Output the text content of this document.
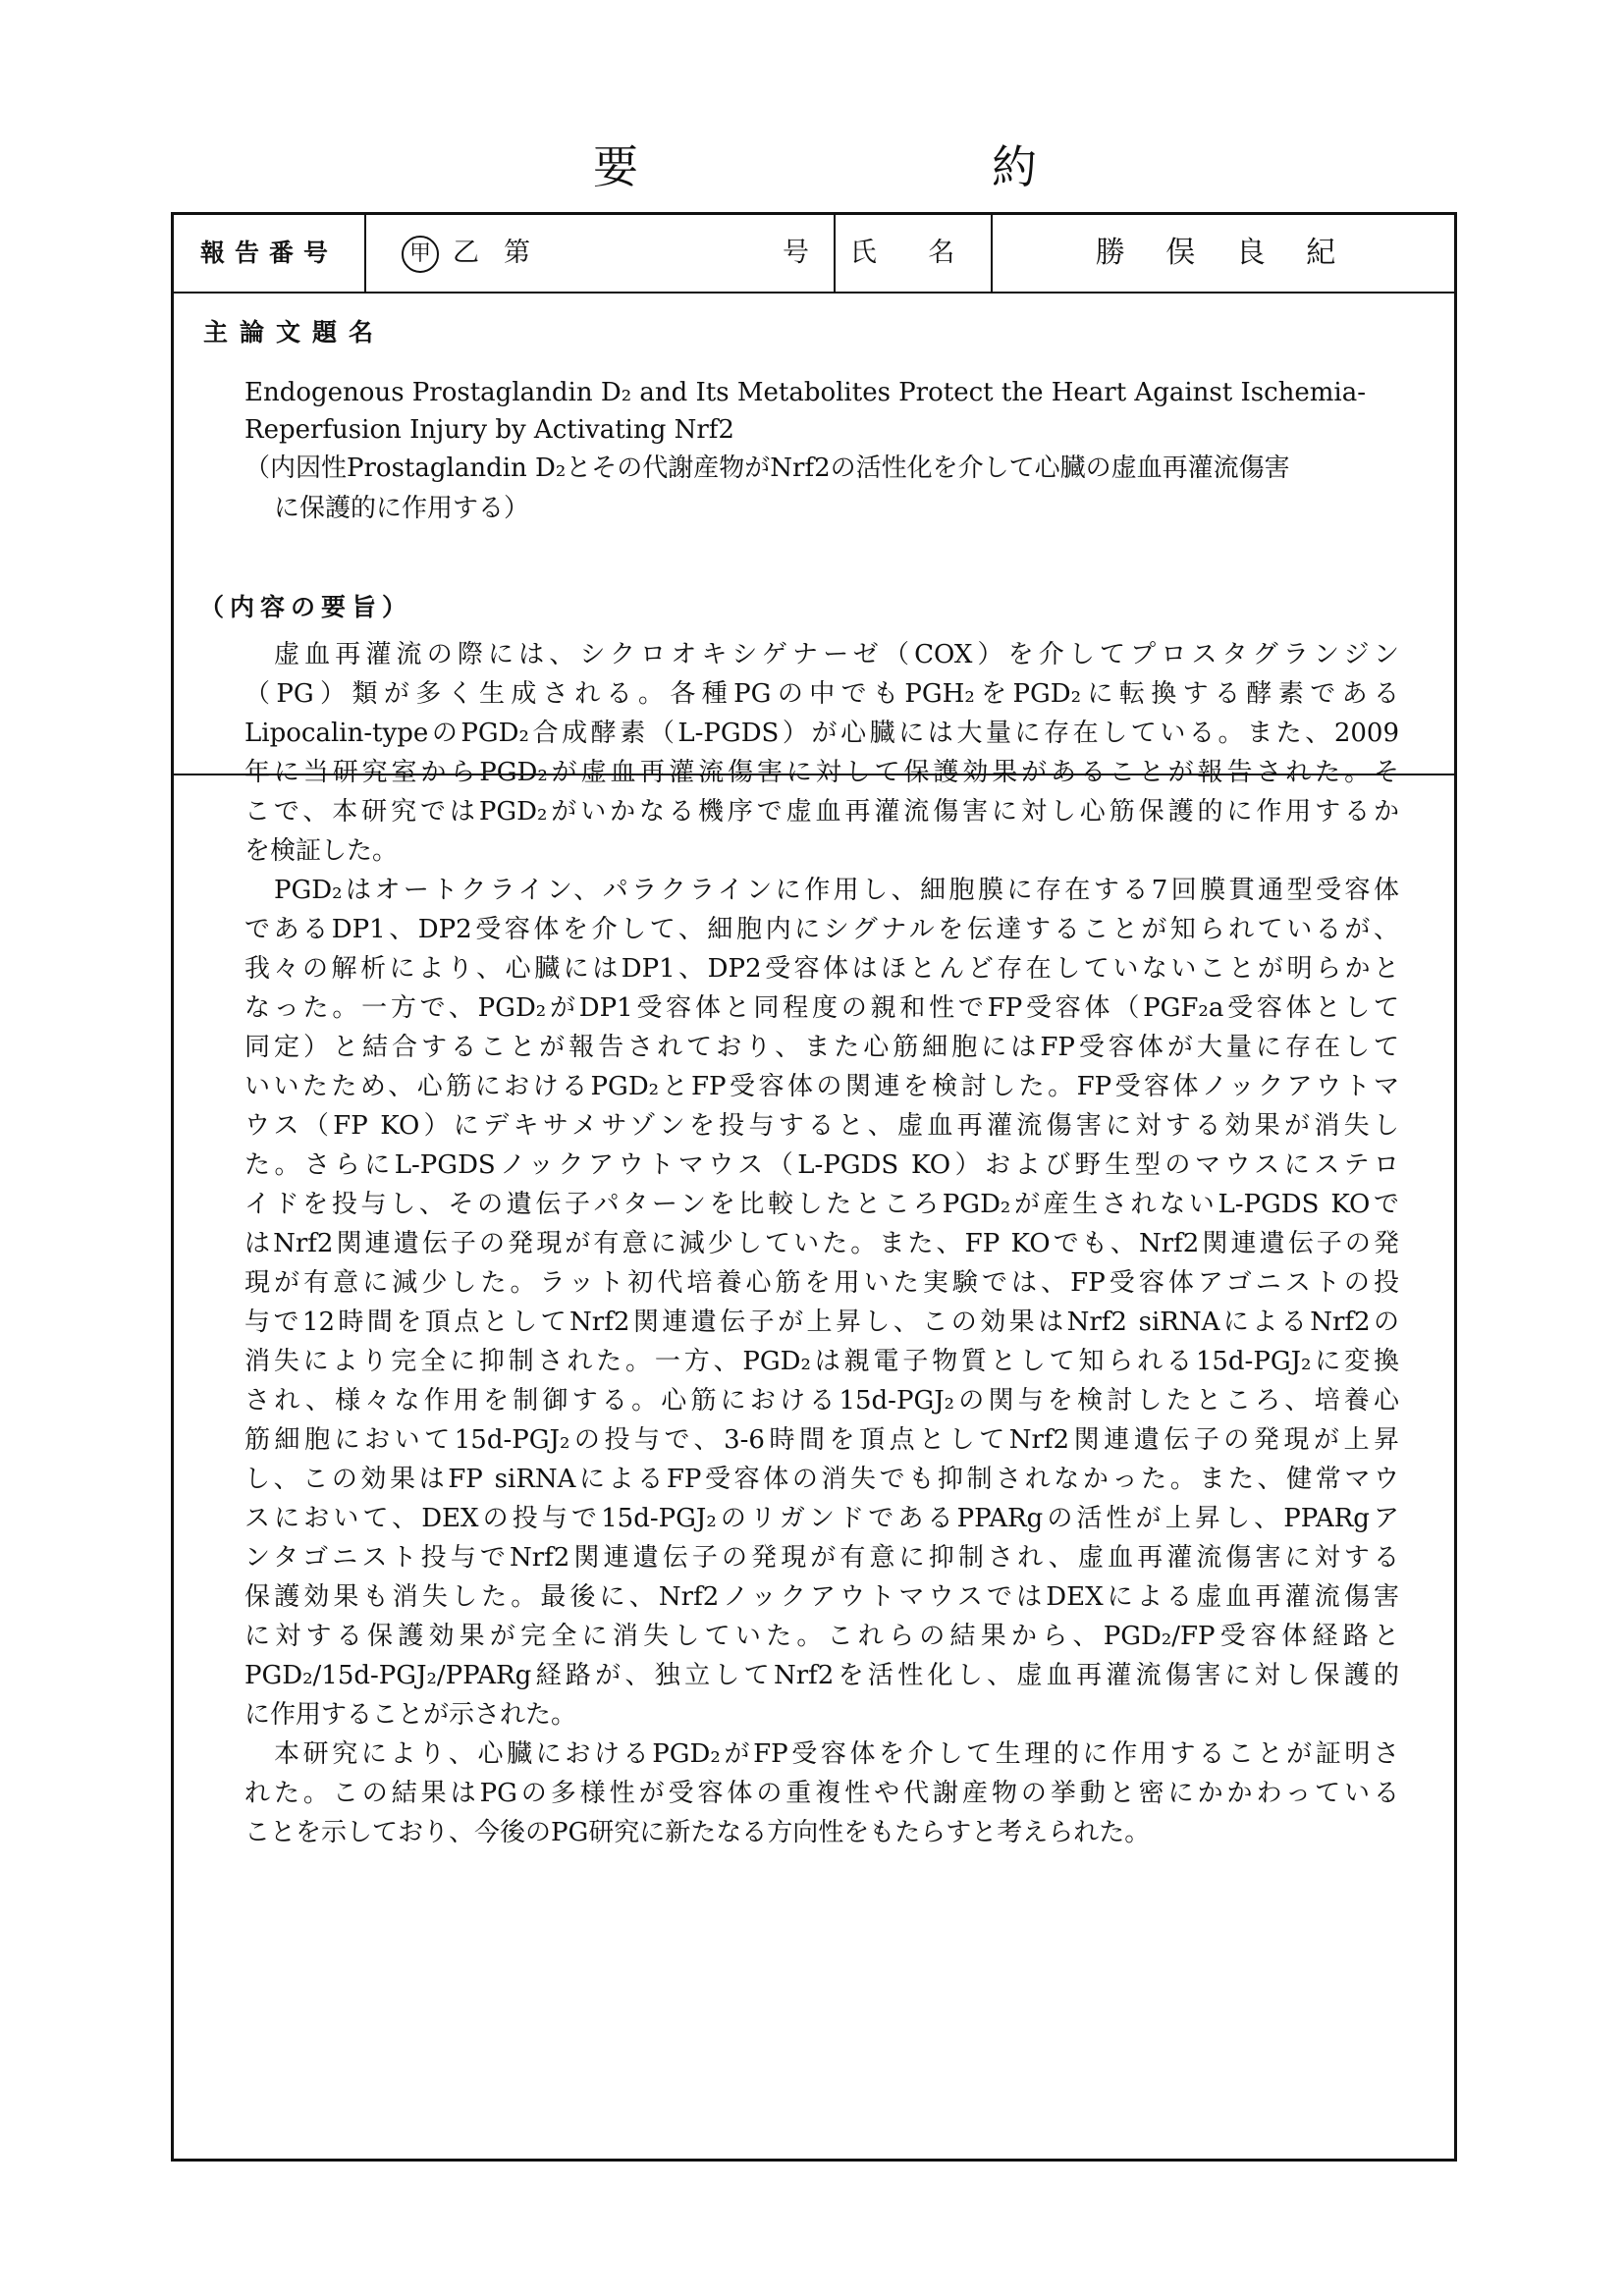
要	約
報告番号	甲 乙 第	号	氏 名	勝 俣 良 紀
主論文題名
Endogenous Prostaglandin D₂ and Its Metabolites Protect the Heart Against Ischemia-
Reperfusion Injury by Activating Nrf2
（内因性Prostaglandin D₂とその代謝産物がNrf2の活性化を介して心臓の虚血再灌流傷害
に保護的に作用する）
（内容の要旨）
虚血再灌流の際には、シクロオキシゲナーゼ（COX）を介してプロスタグランジン
（PG）類が多く生成される。各種PGの中でもPGH₂をPGD₂に転換する酵素である
Lipocalin-typeのPGD₂合成酵素（L-PGDS）が心臓には大量に存在している。また、2009
年に当研究室からPGD₂が虚血再灌流傷害に対して保護効果があることが報告された。そ
こで、本研究ではPGD₂がいかなる機序で虚血再灌流傷害に対し心筋保護的に作用するか
を検証した。
PGD₂はオートクライン、パラクラインに作用し、細胞膜に存在する7回膜貫通型受容体
であるDP1、DP2受容体を介して、細胞内にシグナルを伝達することが知られているが、
我々の解析により、心臓にはDP1、DP2受容体はほとんど存在していないことが明らかと
なった。一方で、PGD₂がDP1受容体と同程度の親和性でFP受容体（PGF₂a受容体として
同定）と結合することが報告されており、また心筋細胞にはFP受容体が大量に存在して
いいたため、心筋におけるPGD₂とFP受容体の関連を検討した。FP受容体ノックアウトマ
ウス（FP KO）にデキサメサゾンを投与すると、虚血再灌流傷害に対する効果が消失し
た。さらにL-PGDSノックアウトマウス（L-PGDS KO）および野生型のマウスにステロ
イドを投与し、その遺伝子パターンを比較したところPGD₂が産生されないL-PGDS KOで
はNrf2関連遺伝子の発現が有意に減少していた。また、FP KOでも、Nrf2関連遺伝子の発
現が有意に減少した。ラット初代培養心筋を用いた実験では、FP受容体アゴニストの投
与で12時間を頂点としてNrf2関連遺伝子が上昇し、この効果はNrf2 siRNAによるNrf2の
消失により完全に抑制された。一方、PGD₂は親電子物質として知られる15d-PGJ₂に変換
され、様々な作用を制御する。心筋における15d-PGJ₂の関与を検討したところ、培養心
筋細胞において15d-PGJ₂の投与で、3-6時間を頂点としてNrf2関連遺伝子の発現が上昇
し、この効果はFP siRNAによるFP受容体の消失でも抑制されなかった。また、健常マウ
スにおいて、DEXの投与で15d-PGJ₂のリガンドであるPPARgの活性が上昇し、PPARgア
ンタゴニスト投与でNrf2関連遺伝子の発現が有意に抑制され、虚血再灌流傷害に対する
保護効果も消失した。最後に、Nrf2ノックアウトマウスではDEXによる虚血再灌流傷害
に対する保護効果が完全に消失していた。これらの結果から、PGD₂/FP受容体経路と
PGD₂/15d-PGJ₂/PPARg経路が、独立してNrf2を活性化し、虚血再灌流傷害に対し保護的
に作用することが示された。
本研究により、心臓におけるPGD₂がFP受容体を介して生理的に作用することが証明さ
れた。この結果はPGの多様性が受容体の重複性や代謝産物の挙動と密にかかわっている
ことを示しており、今後のPG研究に新たなる方向性をもたらすと考えられた。
